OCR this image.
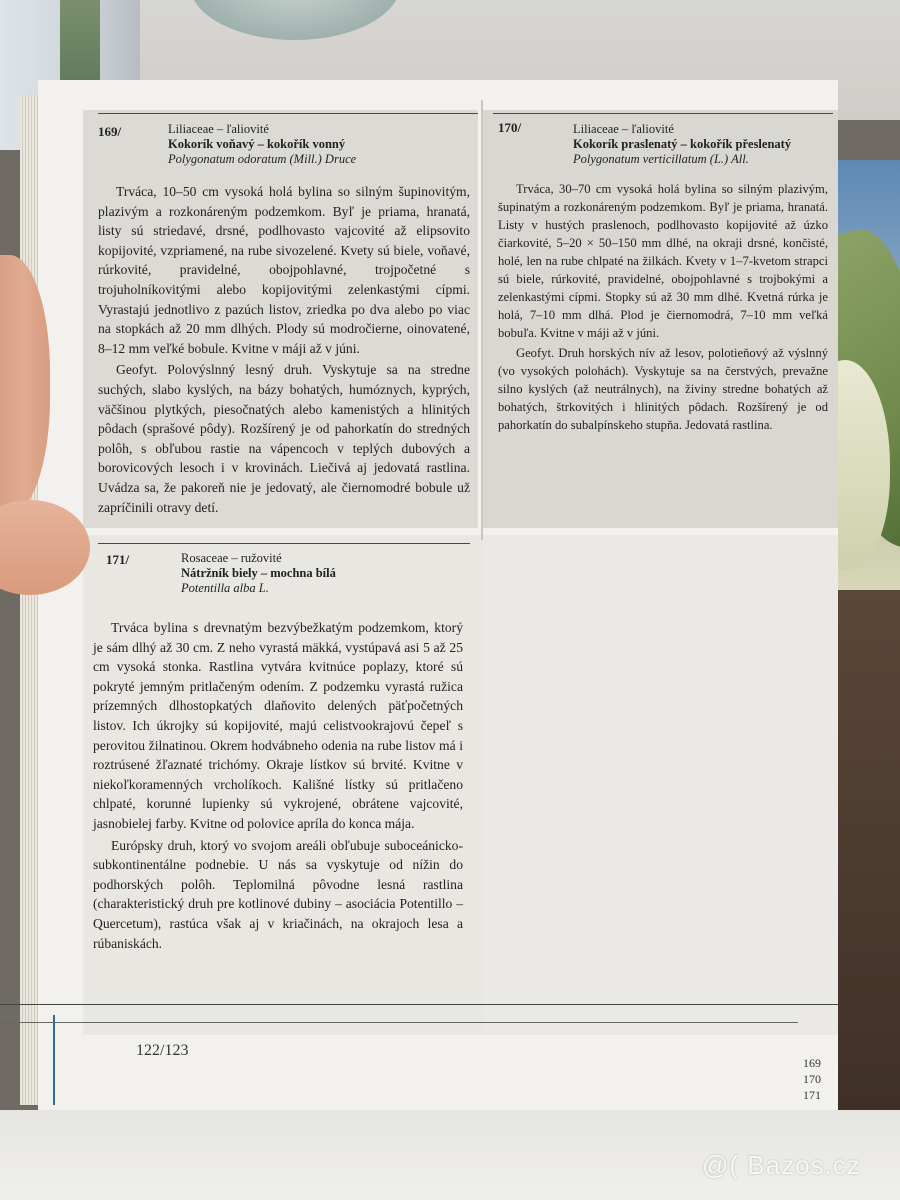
169/	Liliaceae – ľaliovité
Kokorík voňavý – kokořík vonný
Polygonatum odoratum (Mill.) Druce

Trváca, 10–50 cm vysoká holá bylina so silným šupinovitým, plazivým a rozkonáreným podzemkom. Byľ je priama, hranatá, listy sú striedavé, drsné, podlhovasto vajcovité až elipsovito kopijovité, vzpriamené, na rube sivozelené. Kvety sú biele, voňavé, rúrkovité, pravidelné, obojpohlavné, trojpočetné s trojuholníkovitými alebo kopijovitými zelenkastými cípmi. Vyrastajú jednotlivo z pazúch listov, zriedka po dva alebo po viac na stopkách až 20 mm dlhých. Plody sú modročierne, oinovatené, 8–12 mm veľké bobule. Kvitne v máji až v júni.

Geofyt. Polovýslnný lesný druh. Vyskytuje sa na stredne suchých, slabo kyslých, na bázy bohatých, humóznych, kyprých, väčšinou plytkých, piesočnatých alebo kamenistých a hlinitých pôdach (sprašové pôdy). Rozšírený je od pahorkatín do stredných polôh, s obľubou rastie na vápencoch v teplých dubových a borovicových lesoch i v krovinách. Liečivá aj jedovatá rastlina. Uvádza sa, že pakoreň nie je jedovatý, ale čiernomodré bobule už zapríčinili otravy detí.

170/	Liliaceae – ľaliovité
Kokorík praslenatý – kokořík přeslenatý
Polygonatum verticillatum (L.) All.

Trváca, 30–70 cm vysoká holá bylina so silným plazivým, šupinatým a rozkonáreným podzemkom. Byľ je priama, hranatá. Listy v hustých praslenoch, podlhovasto kopijovité až úzko čiarkovité, 5–20 × 50–150 mm dlhé, na okraji drsné, končisté, holé, len na rube chlpaté na žilkách. Kvety v 1–7-kvetom strapci sú biele, rúrkovité, pravidelné, obojpohlavné s trojbokými a zelenkastými cípmi. Stopky sú až 30 mm dlhé. Kvetná rúrka je holá, 7–10 mm dlhá. Plod je čiernomodrá, 7–10 mm veľká bobuľa. Kvitne v máji až v júni.

Geofyt. Druh horských nív až lesov, polotieňový až výslnný (vo vysokých polohách). Vyskytuje sa na čerstvých, prevažne silno kyslých (až neutrálnych), na živiny stredne bohatých až bohatých, štrkovitých i hlinitých pôdach. Rozšírený je od pahorkatín do subalpínskeho stupňa. Jedovatá rastlina.

171/	Rosaceae – ružovité
Nátržník biely – mochna bílá
Potentilla alba L.

Trváca bylina s drevnatým bezvýbežkatým podzemkom, ktorý je sám dlhý až 30 cm. Z neho vyrastá mäkká, vystúpavá asi 5 až 25 cm vysoká stonka. Rastlina vytvára kvitnúce poplazy, ktoré sú pokryté jemným pritlačeným odením. Z podzemku vyrastá ružica prízemných dlhostopkatých dlaňovito delených päťpočetných listov. Ich úkrojky sú kopijovité, majú celistvookrajovú čepeľ s perovitou žilnatinou. Okrem hodvábneho odenia na rube listov má i roztrúsené žľaznaté trichómy. Okraje lístkov sú brvité. Kvitne v niekoľkoramenných vrcholíkoch. Kališné lístky sú pritlačeno chlpaté, korunné lupienky sú vykrojené, obrátene vajcovité, jasnobielej farby. Kvitne od polovice apríla do konca mája.

Európsky druh, ktorý vo svojom areáli obľubuje suboceánicko-subkontinentálne podnebie. U nás sa vyskytuje od nížin do podhorských polôh. Teplomilná pôvodne lesná rastlina (charakteristický druh pre kotlinové dubiny – asociácia Potentillo – Quercetum), rastúca však aj v kriačinách, na okrajoch lesa a rúbaniskách.

122/123
169 170
171
@( Bazos.cz
